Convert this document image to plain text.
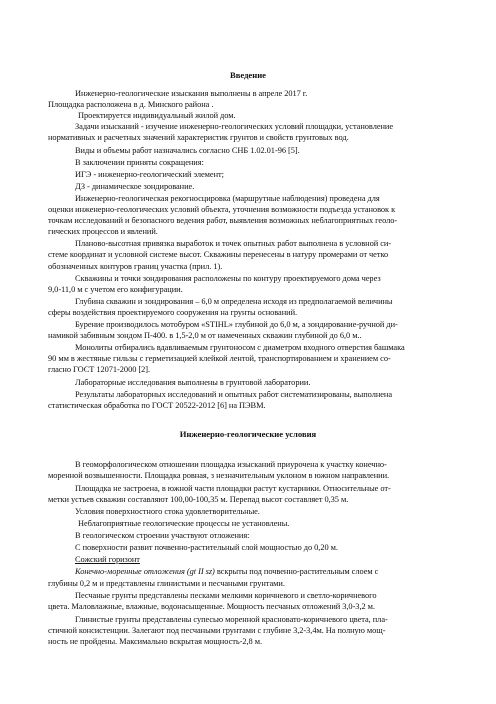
Введение
Инженерно-геологические изыскания выполнены в апреле 2017 г.
Площадка расположена в д. Минского района .
Проектируется индивидуальный жилой дом.
Задачи изысканий - изучение инженерно-геологических условий площадки, установление
нормативных и расчетных значений характеристик грунтов и свойств грунтовых вод.
Виды и объемы работ назначались согласно СНБ 1.02.01-96 [5].
В заключении приняты сокращения:
ИГЭ - инженерно-геологический элемент;
ДЗ - динамическое зондирование.
Инженерно-геологическая рекогносцировка (маршрутные наблюдения) проведена для
оценки инженерно-геологических условий объекта, уточнения возможности подъезда установок к
точкам исследований и безопасного ведения работ, выявления возможных неблагоприятных геоло-
гических процессов и явлений.
Планово-высотная привязка выработок и точек опытных работ выполнена в условной си-
стеме координат и условной системе высот. Скважины перенесены в натуру промерами от четко
обозначенных контуров границ участка (прил. 1).
Скважины и точки зондирования расположены по контуру проектируемого дома через
9,0-11,0 м с учетом его конфигурации.
Глубина скважин и зондирования – 6,0 м определена исходя из предполагаемой величины
сферы воздействия проектируемого сооружения на грунты оснований.
Бурение производилось мотобуром «STIHL» глубиной до 6,0 м, а зондирование-ручной ди-
намикой забивным зондом П-400. в 1,5-2,0 м от намеченных скважин глубиной до 6,0 м..
Монолиты отбирались вдавливаемым грунтоносом с диаметром входного отверстия башмака
90 мм в жестяные гильзы с герметизацией клейкой лентой, транспортированием и хранением со-
гласно ГОСТ 12071-2000 [2].
Лабораторные исследования выполнены в грунтовой лаборатории.
Результаты лабораторных исследований и опытных работ систематизированы, выполнена
статистическая обработка по ГОСТ 20522-2012 [6] на ПЭВМ.
Инженерно-геологические условия
В геоморфологическом отношении площадка изысканий приурочена к участку конечно-
моренной возвышенности. Площадка ровная, з незначительным уклоном в южном направлении.
Площадка не застроена, в южной части площадки растут кустарники. Относительные от-
метки устьев скважин составляют 100,00-100,35 м. Перепад высот составляет 0,35 м.
Условия поверхностного стока удовлетворительные.
Неблагоприятные геологические процессы не установлены.
В геологическом строении участвуют отложения:
С поверхности развит почвенно-растительный слой мощностью до 0,20 м.
Сожский горизонт
Конечно-моренные отложения (gt II sz) вскрыты под почвенно-растительным слоем с
глубины 0,2 м и представлены глинистыми и песчаными грунтами.
Песчаные грунты представлены песками мелкими коричневого и светло-коричневого
цвета. Маловлажные, влажные, водонасыщенные. Мощность песчаных отложений 3,0-3,2 м.
Глинистые грунты представлены супесью моренной красновато-коричневого цвета, пла-
стичной консистенции. Залегают под песчаными грунтами с глубине 3,2-3,4м. На полную мощ-
ность не пройдены. Максимально вскрытая мощность-2,8 м.
